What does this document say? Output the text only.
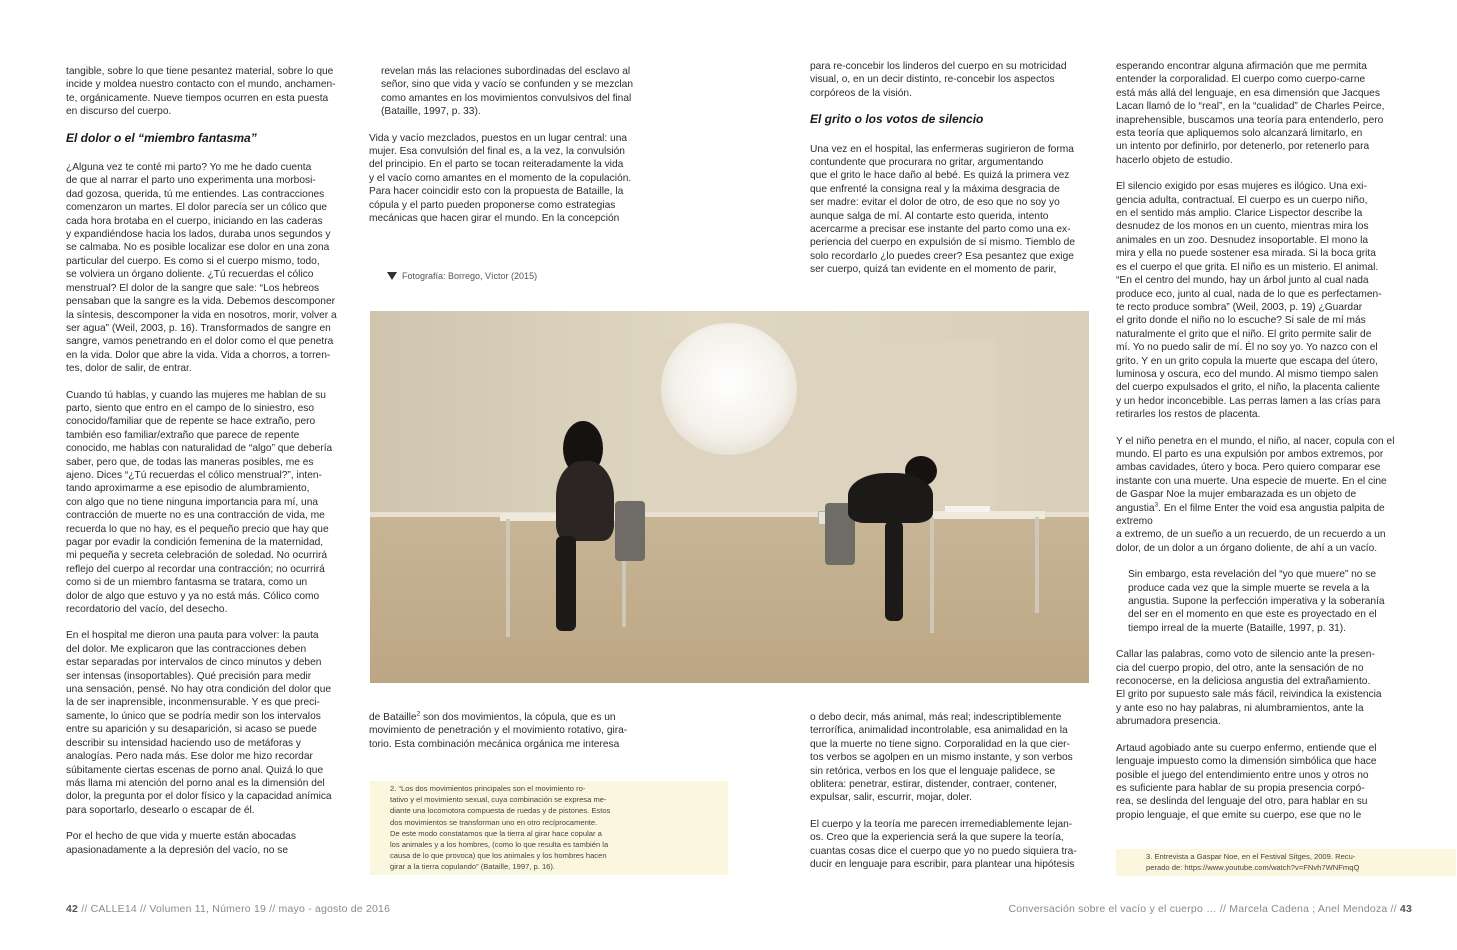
tangible, sobre lo que tiene pesantez material, sobre lo que
incide y moldea nuestro contacto con el mundo, anchamen-
te, orgánicamente. Nueve tiempos ocurren en esta puesta
en discurso del cuerpo.

El dolor o el “miembro fantasma”

¿Alguna vez te conté mi parto? Yo me he dado cuenta
de que al narrar el parto uno experimenta una morbosi-
dad gozosa, querida, tú me entiendes. Las contracciones
comenzaron un martes. El dolor parecía ser un cólico que
cada hora brotaba en el cuerpo, iniciando en las caderas
y expandiéndose hacia los lados, duraba unos segundos y
se calmaba. No es posible localizar ese dolor en una zona
particular del cuerpo. Es como si el cuerpo mismo, todo,
se volviera un órgano doliente. ¿Tú recuerdas el cólico
menstrual? El dolor de la sangre que sale: “Los hebreos
pensaban que la sangre es la vida. Debemos descomponer
la síntesis, descomponer la vida en nosotros, morir, volver a
ser agua” (Weil, 2003, p. 16). Transformados de sangre en
sangre, vamos penetrando en el dolor como el que penetra
en la vida. Dolor que abre la vida. Vida a chorros, a torren-
tes, dolor de salir, de entrar.

Cuando tú hablas, y cuando las mujeres me hablan de su
parto, siento que entro en el campo de lo siniestro, eso
conocido/familiar que de repente se hace extraño, pero
también eso familiar/extraño que parece de repente
conocido, me hablas con naturalidad de “algo” que debería
saber, pero que, de todas las maneras posibles, me es
ajeno. Dices “¿Tú recuerdas el cólico menstrual?”, inten-
tando aproximarme a ese episodio de alumbramiento,
con algo que no tiene ninguna importancia para mí, una
contracción de muerte no es una contracción de vida, me
recuerda lo que no hay, es el pequeño precio que hay que
pagar por evadir la condición femenina de la maternidad,
mi pequeña y secreta celebración de soledad. No ocurrirá
reflejo del cuerpo al recordar una contracción; no ocurrirá
como si de un miembro fantasma se tratara, como un
dolor de algo que estuvo y ya no está más. Cólico como
recordatorio del vacío, del desecho.

En el hospital me dieron una pauta para volver: la pauta
del dolor. Me explicaron que las contracciones deben
estar separadas por intervalos de cinco minutos y deben
ser intensas (insoportables). Qué precisión para medir
una sensación, pensé. No hay otra condición del dolor que
la de ser inaprensible, inconmensurable. Y es que preci-
samente, lo único que se podría medir son los intervalos
entre su aparición y su desaparición, si acaso se puede
describir su intensidad haciendo uso de metáforas y
analogías. Pero nada más. Ese dolor me hizo recordar
súbitamente ciertas escenas de porno anal. Quizá lo que
más llama mi atención del porno anal es la dimensión del
dolor, la pregunta por el dolor físico y la capacidad anímica
para soportarlo, desearlo o escapar de él.

Por el hecho de que vida y muerte están abocadas
apasionadamente a la depresión del vacío, no se

revelan más las relaciones subordinadas del esclavo al
señor, sino que vida y vacío se confunden y se mezclan
como amantes en los movimientos convulsivos del final
(Bataille, 1997, p. 33).

Vida y vacío mezclados, puestos en un lugar central: una
mujer. Esa convulsión del final es, a la vez, la convulsión
del principio. En el parto se tocan reiteradamente la vida
y el vacío como amantes en el momento de la copulación.
Para hacer coincidir esto con la propuesta de Bataille, la
cópula y el parto pueden proponerse como estrategias
mecánicas que hacen girar el mundo. En la concepción

Fotografía: Borrego, Víctor (2015)

de Bataille$^2$ son dos movimientos, la cópula, que es un
movimiento de penetración y el movimiento rotativo, gira-
torio. Esta combinación mecánica orgánica me interesa

2. “Los dos movimientos principales son el movimiento ro-
tativo y el movimiento sexual, cuya combinación se expresa me-
diante una locomotora compuesta de ruedas y de pistones. Estos
dos movimientos se transforman uno en otro recíprocamente.
De este modo constatamos que la tierra al girar hace copular a
los animales y a los hombres, (como lo que resulta es también la
causa de lo que provoca) que los animales y los hombres hacen
girar a la tierra copulando” (Bataille, 1997, p. 16).

para re-concebir los linderos del cuerpo en su motricidad
visual, o, en un decir distinto, re-concebir los aspectos
corpóreos de la visión.

El grito o los votos de silencio

Una vez en el hospital, las enfermeras sugirieron de forma
contundente que procurara no gritar, argumentando
que el grito le hace daño al bebé. Es quizá la primera vez
que enfrenté la consigna real y la máxima desgracia de
ser madre: evitar el dolor de otro, de eso que no soy yo
aunque salga de mí. Al contarte esto querida, intento
acercarme a precisar ese instante del parto como una ex-
periencia del cuerpo en expulsión de sí mismo. Tiemblo de
solo recordarlo ¿lo puedes creer? Esa pesantez que exige
ser cuerpo, quizá tan evidente en el momento de parir,

o debo decir, más animal, más real; indescriptiblemente
terrorífica, animalidad incontrolable, esa animalidad en la
que la muerte no tiene signo. Corporalidad en la que cier-
tos verbos se agolpen en un mismo instante, y son verbos
sin retórica, verbos en los que el lenguaje palidece, se
oblitera: penetrar, estirar, distender, contraer, contener,
expulsar, salir, escurrir, mojar, doler.

El cuerpo y la teoría me parecen irremediablemente lejan-
os. Creo que la experiencia será la que supere la teoría,
cuantas cosas dice el cuerpo que yo no puedo siquiera tra-
ducir en lenguaje para escribir, para plantear una hipótesis

esperando encontrar alguna afirmación que me permita
entender la corporalidad. El cuerpo como cuerpo-carne
está más allá del lenguaje, en esa dimensión que Jacques
Lacan llamó de lo “real”, en la “cualidad” de Charles Peirce,
inaprehensible, buscamos una teoría para entenderlo, pero
esta teoría que apliquemos solo alcanzará limitarlo, en
un intento por definirlo, por detenerlo, por retenerlo para
hacerlo objeto de estudio.

El silencio exigido por esas mujeres es ilógico. Una exi-
gencia adulta, contractual. El cuerpo es un cuerpo niño,
en el sentido más amplio. Clarice Lispector describe la
desnudez de los monos en un cuento, mientras mira los
animales en un zoo. Desnudez insoportable. El mono la
mira y ella no puede sostener esa mirada. Si la boca grita
es el cuerpo el que grita. El niño es un misterio. El animal.
“En el centro del mundo, hay un árbol junto al cual nada
produce eco, junto al cual, nada de lo que es perfectamen-
te recto produce sombra” (Weil, 2003, p. 19) ¿Guardar
el grito donde el niño no lo escuche? Si sale de mí más
naturalmente el grito que el niño. El grito permite salir de
mí. Yo no puedo salir de mí. Él no soy yo. Yo nazco con el
grito. Y en un grito copula la muerte que escapa del útero,
luminosa y oscura, eco del mundo. Al mismo tiempo salen
del cuerpo expulsados el grito, el niño, la placenta caliente
y un hedor inconcebible. Las perras lamen a las crías para
retirarles los restos de placenta.

Y el niño penetra en el mundo, el niño, al nacer, copula con el
mundo. El parto es una expulsión por ambos extremos, por
ambas cavidades, útero y boca. Pero quiero comparar ese
instante con una muerte. Una especie de muerte. En el cine
de Gaspar Noe la mujer embarazada es un objeto de angustia$^3$. En el filme Enter the void esa angustia palpita de extremo
a extremo, de un sueño a un recuerdo, de un recuerdo a un
dolor, de un dolor a un órgano doliente, de ahí a un vacío.

Sin embargo, esta revelación del “yo que muere” no se
produce cada vez que la simple muerte se revela a la
angustia. Supone la perfección imperativa y la soberanía
del ser en el momento en que este es proyectado en el
tiempo irreal de la muerte (Bataille, 1997, p. 31).

Callar las palabras, como voto de silencio ante la presen-
cia del cuerpo propio, del otro, ante la sensación de no
reconocerse, en la deliciosa angustia del extrañamiento.
El grito por supuesto sale más fácil, reivindica la existencia
y ante eso no hay palabras, ni alumbramientos, ante la
abrumadora presencia.

Artaud agobiado ante su cuerpo enfermo, entiende que el
lenguaje impuesto como la dimensión simbólica que hace
posible el juego del entendimiento entre unos y otros no
es suficiente para hablar de su propia presencia corpó-
rea, se deslinda del lenguaje del otro, para hablar en su
propio lenguaje, el que emite su cuerpo, ese que no le

3. Entrevista a Gaspar Noe, en el Festival Sitges, 2009. Recu-
perado de: https://www.youtube.com/watch?v=FNvh7WNFmqQ

42 // CALLE14 // Volumen 11, Número 19 // mayo - agosto de 2016	Conversación sobre el vacío y el cuerpo … // Marcela Cadena ; Anel Mendoza // 43
